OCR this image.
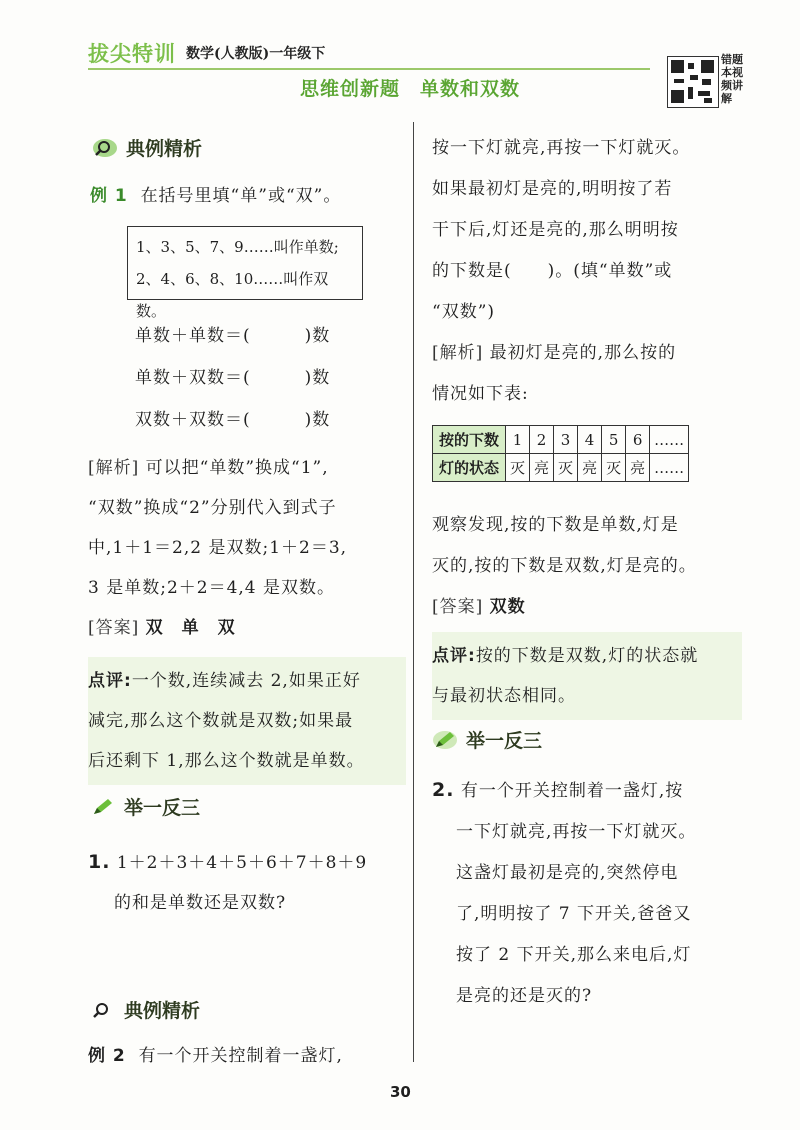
拔尖特训 数学(人教版)一年级下
思维创新题　单数和双数
错题本视频讲解
典例精析
例 1 在括号里填“单”或“双”。
1、3、5、7、9……叫作单数;
2、4、6、8、10……叫作双数。
单数＋单数＝(　　　)数
单数＋双数＝(　　　)数
双数＋双数＝(　　　)数
[解析] 可以把“单数”换成“1”,
“双数”换成“2”分别代入到式子
中,1＋1＝2,2 是双数;1＋2＝3,
3 是单数;2＋2＝4,4 是双数。
[答案] 双　单　双
点评:一个数,连续减去 2,如果正好
减完,那么这个数就是双数;如果最
后还剩下 1,那么这个数就是单数。
举一反三
1. 1＋2＋3＋4＋5＋6＋7＋8＋9
的和是单数还是双数?
典例精析
例 2 有一个开关控制着一盏灯,
按一下灯就亮,再按一下灯就灭。
如果最初灯是亮的,明明按了若
干下后,灯还是亮的,那么明明按
的下数是(　　)。(填“单数”或
“双数”)
[解析] 最初灯是亮的,那么按的
情况如下表:
按的下数	1	2	3	4	5	6	……
灯的状态	灭	亮	灭	亮	灭	亮	……
观察发现,按的下数是单数,灯是
灭的,按的下数是双数,灯是亮的。
[答案] 双数
点评:按的下数是双数,灯的状态就
与最初状态相同。
举一反三
2. 有一个开关控制着一盏灯,按
一下灯就亮,再按一下灯就灭。
这盏灯最初是亮的,突然停电
了,明明按了 7 下开关,爸爸又
按了 2 下开关,那么来电后,灯
是亮的还是灭的?
30
